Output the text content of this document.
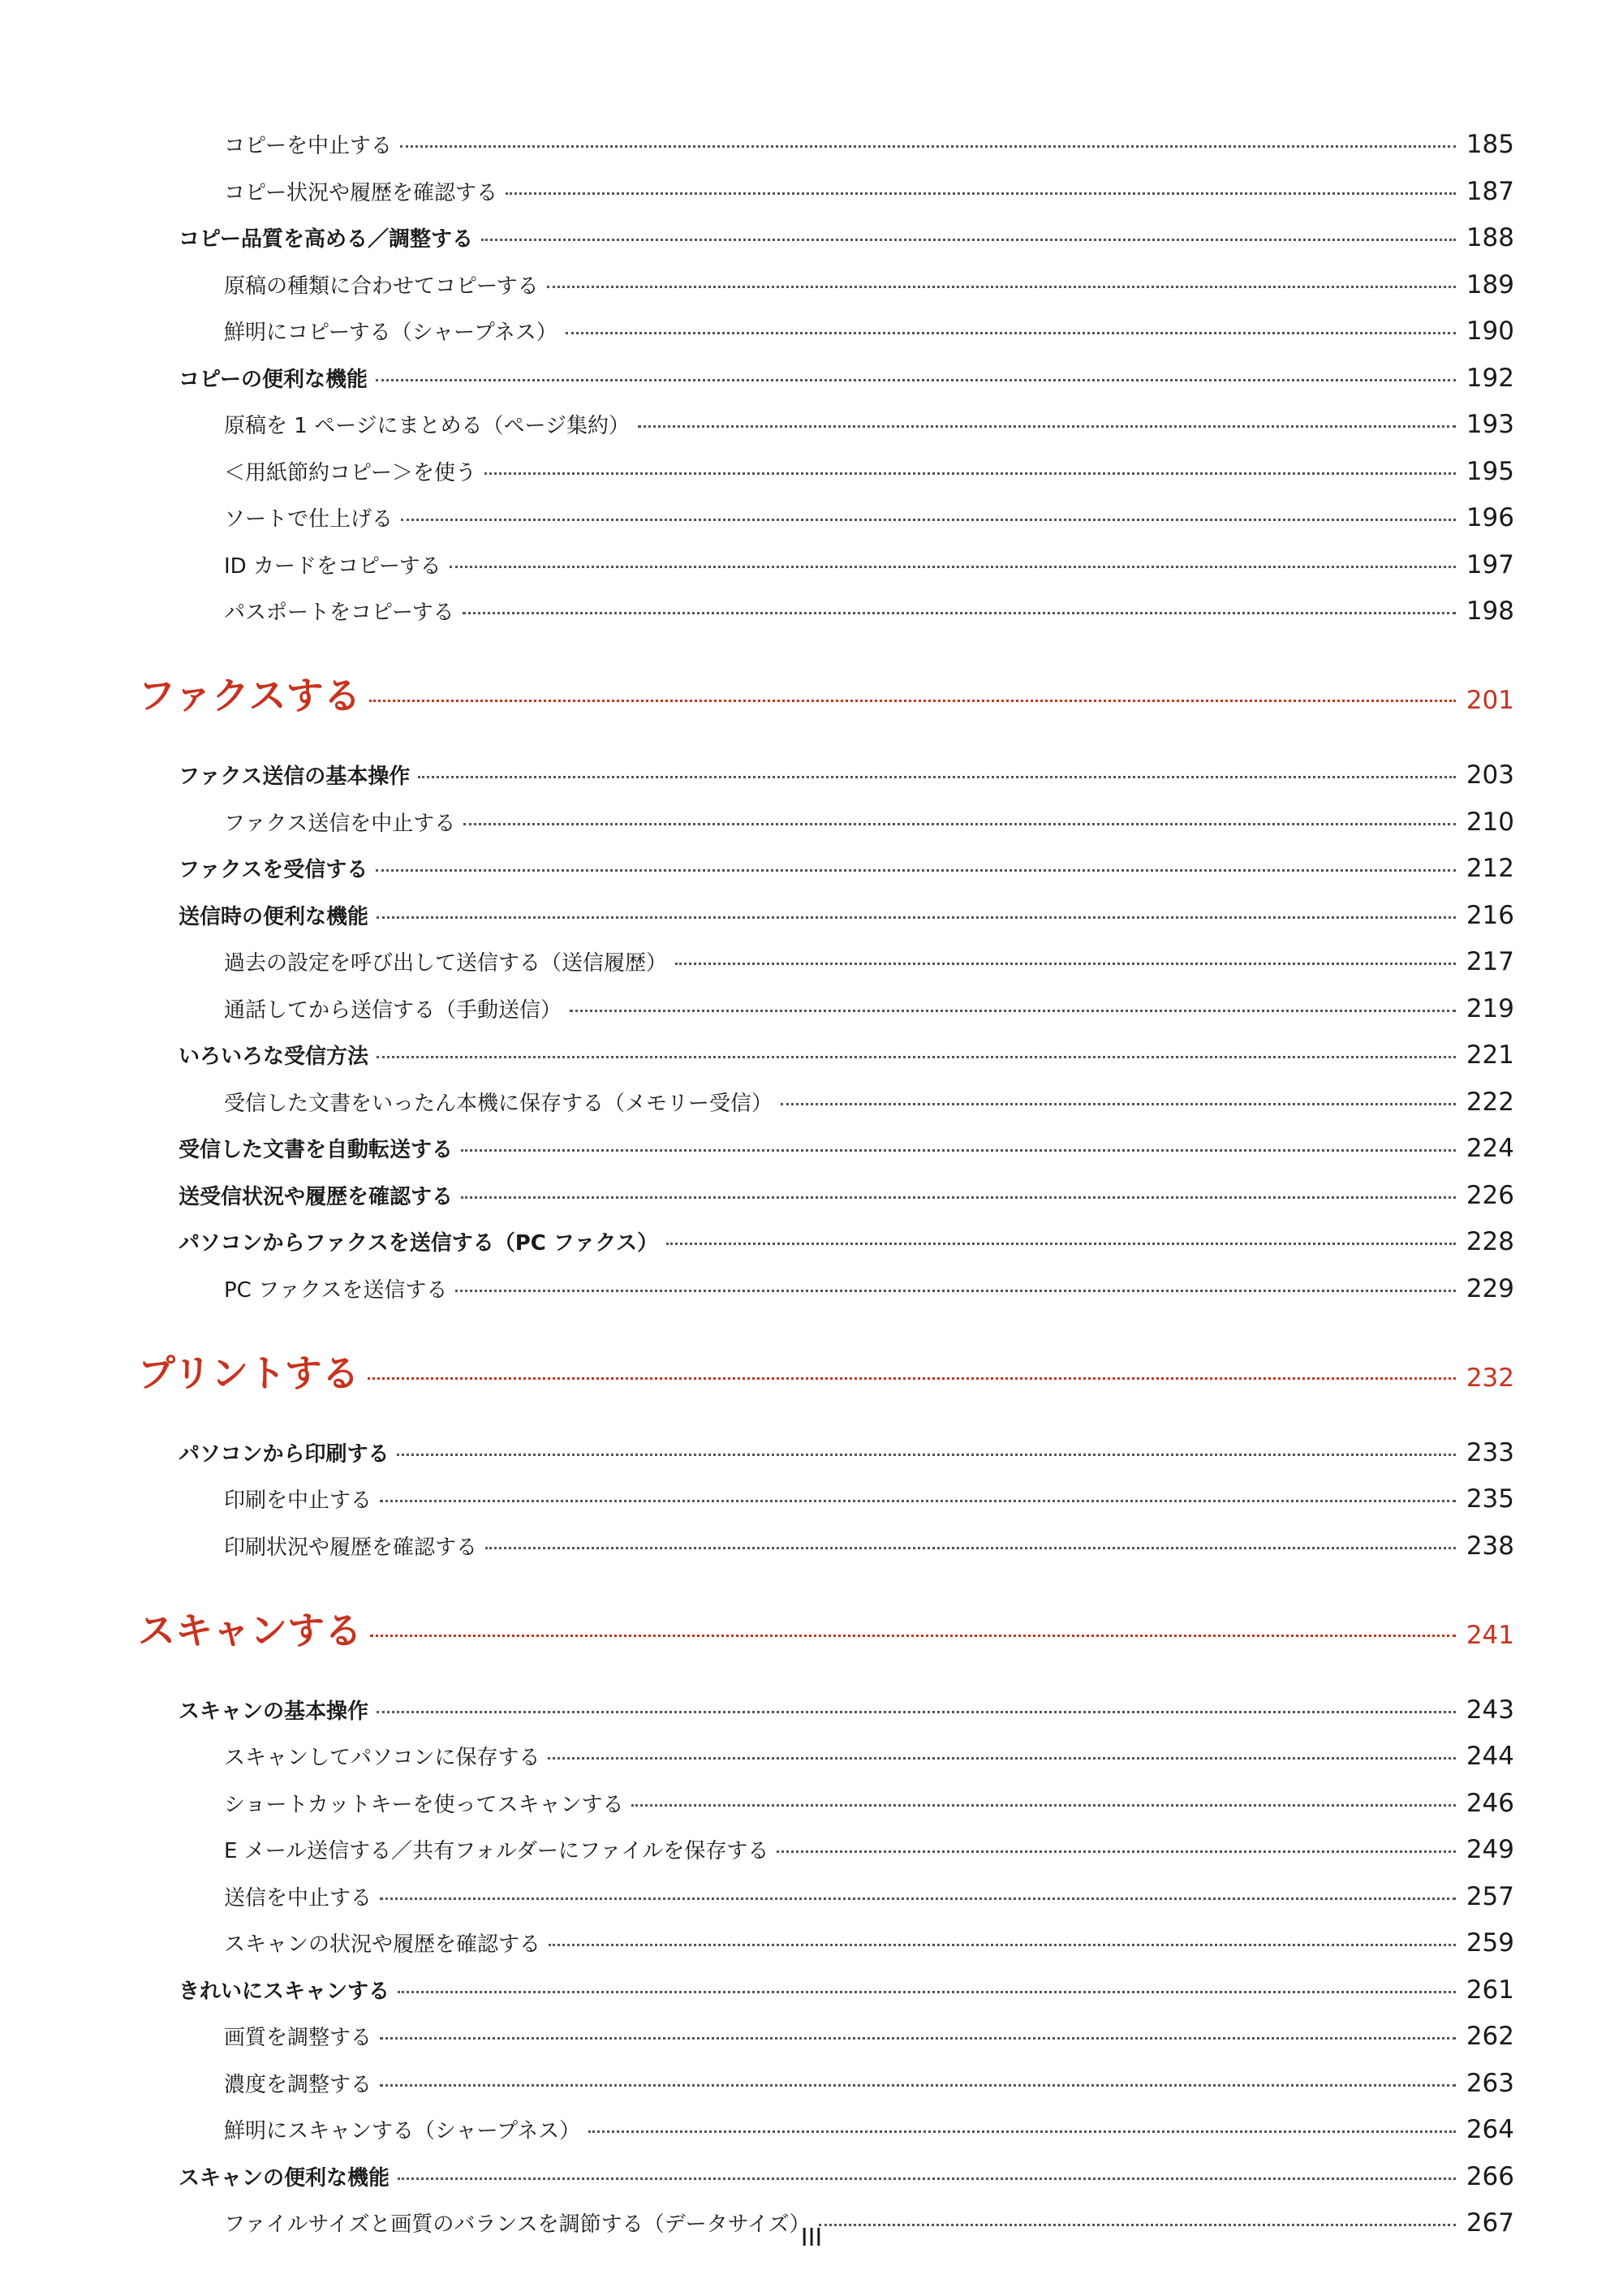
コピーを中止する	185
コピー状況や履歴を確認する	187
コピー品質を高める／調整する	188
原稿の種類に合わせてコピーする	189
鮮明にコピーする（シャープネス）	190
コピーの便利な機能	192
原稿を 1 ページにまとめる（ページ集約）	193
＜用紙節約コピー＞を使う	195
ソートで仕上げる	196
ID カードをコピーする	197
パスポートをコピーする	198
ファクスする	201
ファクス送信の基本操作	203
ファクス送信を中止する	210
ファクスを受信する	212
送信時の便利な機能	216
過去の設定を呼び出して送信する（送信履歴）	217
通話してから送信する（手動送信）	219
いろいろな受信方法	221
受信した文書をいったん本機に保存する（メモリー受信）	222
受信した文書を自動転送する	224
送受信状況や履歴を確認する	226
パソコンからファクスを送信する（PC ファクス）	228
PC ファクスを送信する	229
プリントする	232
パソコンから印刷する	233
印刷を中止する	235
印刷状況や履歴を確認する	238
スキャンする	241
スキャンの基本操作	243
スキャンしてパソコンに保存する	244
ショートカットキーを使ってスキャンする	246
E メール送信する／共有フォルダーにファイルを保存する	249
送信を中止する	257
スキャンの状況や履歴を確認する	259
きれいにスキャンする	261
画質を調整する	262
濃度を調整する	263
鮮明にスキャンする（シャープネス）	264
スキャンの便利な機能	266
ファイルサイズと画質のバランスを調節する（データサイズ）	267
III
